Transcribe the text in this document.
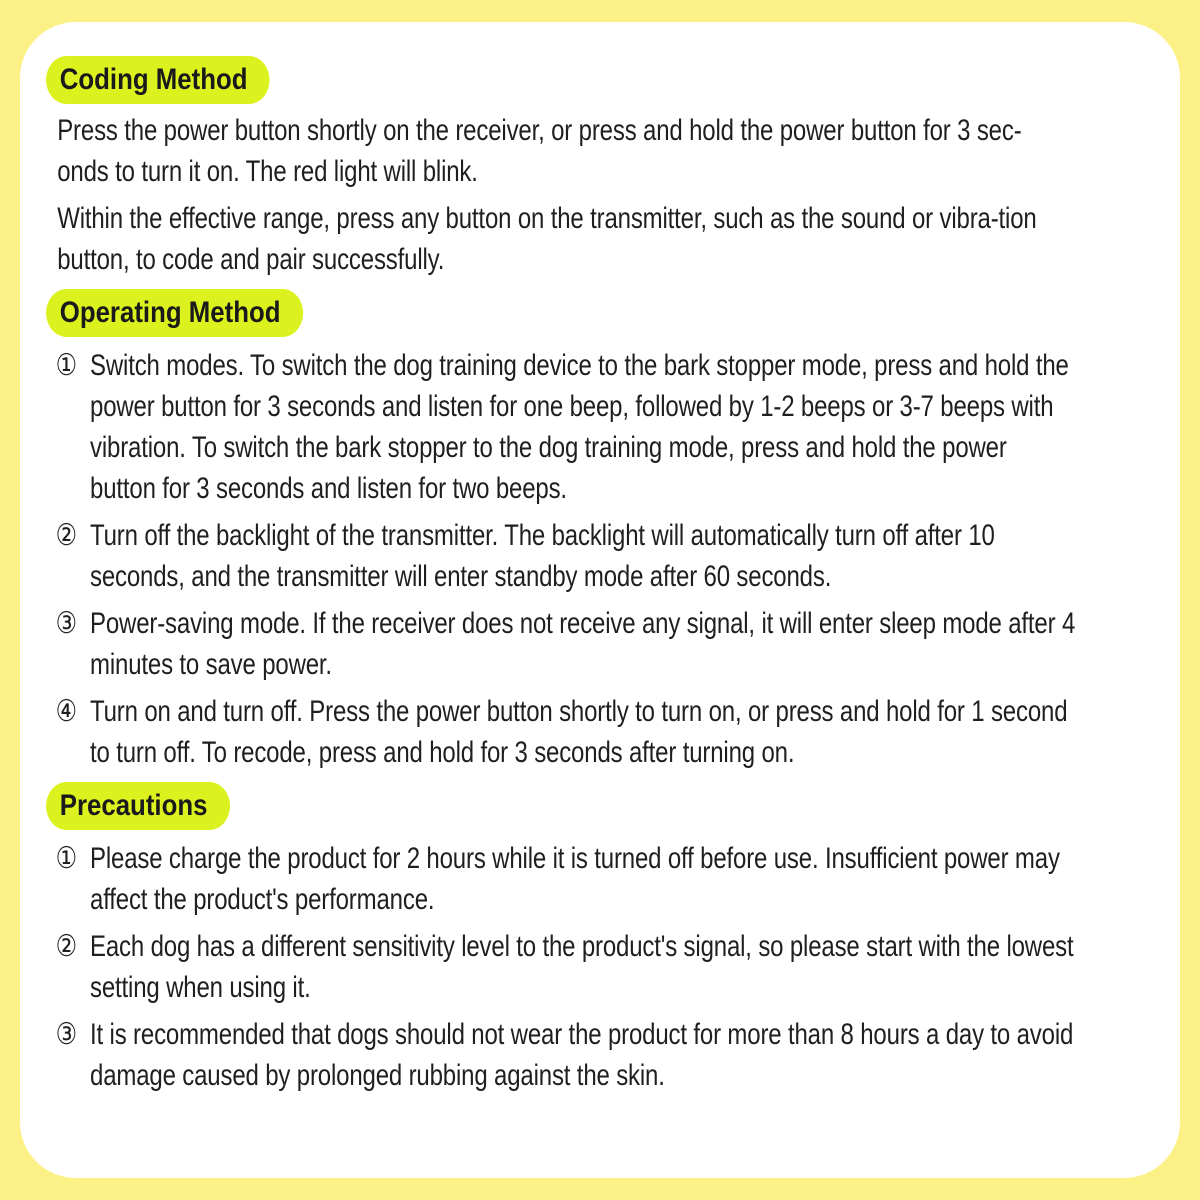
Coding Method

Press the power button shortly on the receiver, or press and hold the power button for 3 sec-onds to turn it on. The red light will blink.

Within the effective range, press any button on the transmitter, such as the sound or vibra-tion button, to code and pair successfully.

Operating Method
① Switch modes. To switch the dog training device to the bark stopper mode, press and hold the power button for 3 seconds and listen for one beep, followed by 1-2 beeps or 3-7 beeps with vibration. To switch the bark stopper to the dog training mode, press and hold the power button for 3 seconds and listen for two beeps.
② Turn off the backlight of the transmitter. The backlight will automatically turn off after 10 seconds, and the transmitter will enter standby mode after 60 seconds.
③ Power-saving mode. If the receiver does not receive any signal, it will enter sleep mode after 4 minutes to save power.
④ Turn on and turn off. Press the power button shortly to turn on, or press and hold for 1 second to turn off. To recode, press and hold for 3 seconds after turning on.
Precautions
① Please charge the product for 2 hours while it is turned off before use. Insufficient power may affect the product's performance.
② Each dog has a different sensitivity level to the product's signal, so please start with the lowest setting when using it.
③ It is recommended that dogs should not wear the product for more than 8 hours a day to avoid damage caused by prolonged rubbing against the skin.
